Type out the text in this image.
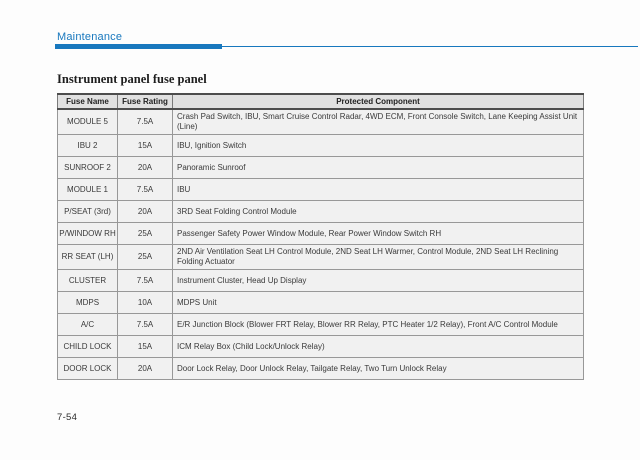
Maintenance
Instrument panel fuse panel
Fuse Name	Fuse Rating	Protected Component
MODULE 5	7.5A	Crash Pad Switch, IBU, Smart Cruise Control Radar, 4WD ECM, Front Console Switch, Lane Keeping Assist Unit (Line)
IBU 2	15A	IBU, Ignition Switch
SUNROOF 2	20A	Panoramic Sunroof
MODULE 1	7.5A	IBU
P/SEAT (3rd)	20A	3RD Seat Folding Control Module
P/WINDOW RH	25A	Passenger Safety Power Window Module, Rear Power Window Switch RH
RR SEAT (LH)	25A	2ND Air Ventilation Seat LH Control Module, 2ND Seat LH Warmer, Control Module, 2ND Seat LH Reclining Folding Actuator
CLUSTER	7.5A	Instrument Cluster, Head Up Display
MDPS	10A	MDPS Unit
A/C	7.5A	E/R Junction Block (Blower FRT Relay, Blower RR Relay, PTC Heater 1/2 Relay), Front A/C Control Module
CHILD LOCK	15A	ICM Relay Box (Child Lock/Unlock Relay)
DOOR LOCK	20A	Door Lock Relay, Door Unlock Relay, Tailgate Relay, Two Turn Unlock Relay
7-54
